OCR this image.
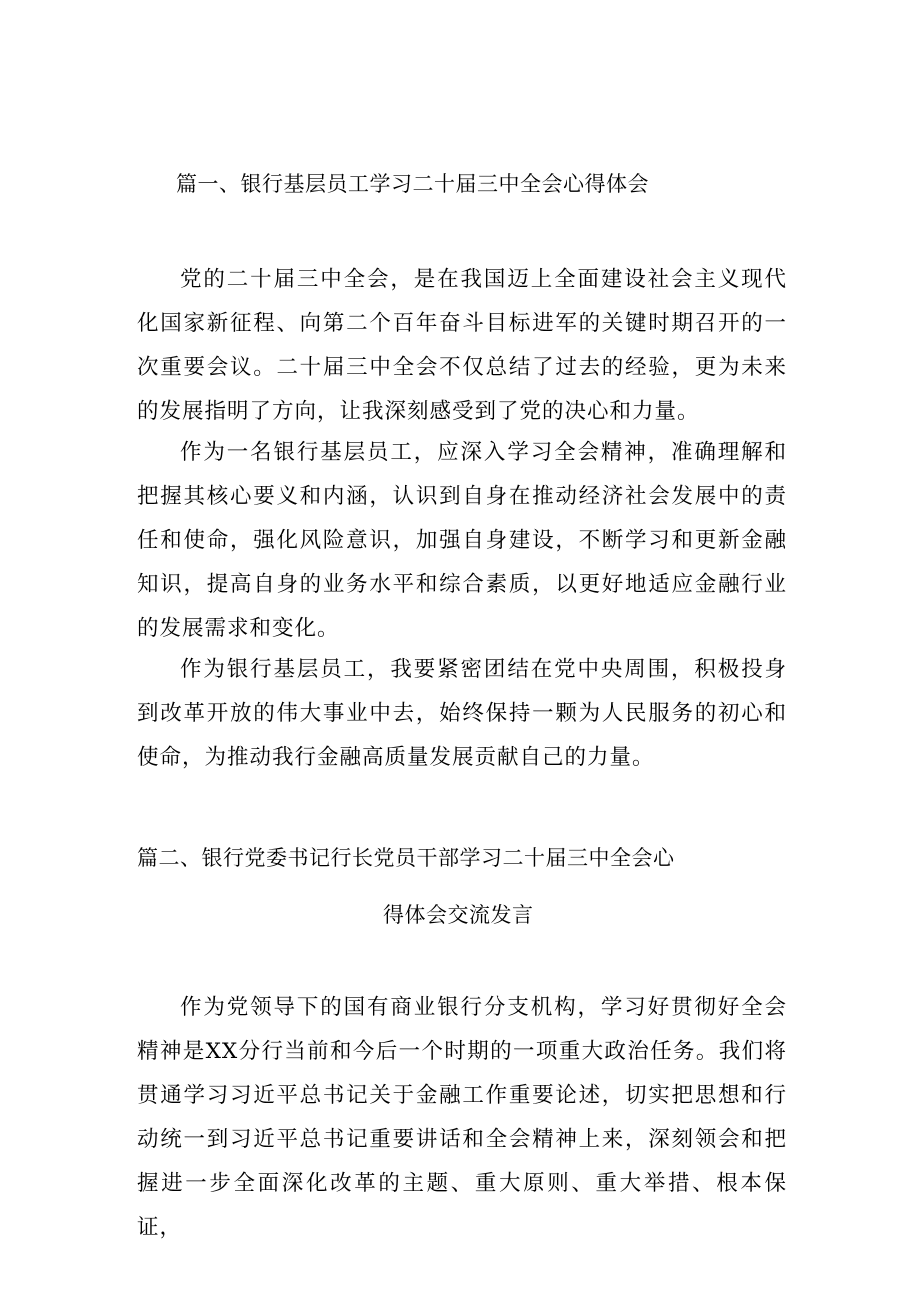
篇一、银行基层员工学习二十届三中全会心得体会

党的二十届三中全会，是在我国迈上全面建设社会主义现代化国家新征程、向第二个百年奋斗目标进军的关键时期召开的一次重要会议。二十届三中全会不仅总结了过去的经验，更为未来的发展指明了方向，让我深刻感受到了党的决心和力量。

作为一名银行基层员工，应深入学习全会精神，准确理解和把握其核心要义和内涵，认识到自身在推动经济社会发展中的责任和使命，强化风险意识，加强自身建设，不断学习和更新金融知识，提高自身的业务水平和综合素质，以更好地适应金融行业的发展需求和变化。

作为银行基层员工，我要紧密团结在党中央周围，积极投身到改革开放的伟大事业中去，始终保持一颗为人民服务的初心和使命，为推动我行金融高质量发展贡献自己的力量。

篇二、银行党委书记行长党员干部学习二十届三中全会心
得体会交流发言

作为党领导下的国有商业银行分支机构，学习好贯彻好全会精神是XX分行当前和今后一个时期的一项重大政治任务。我们将贯通学习习近平总书记关于金融工作重要论述，切实把思想和行动统一到习近平总书记重要讲话和全会精神上来，深刻领会和把握进一步全面深化改革的主题、重大原则、重大举措、根本保证，
